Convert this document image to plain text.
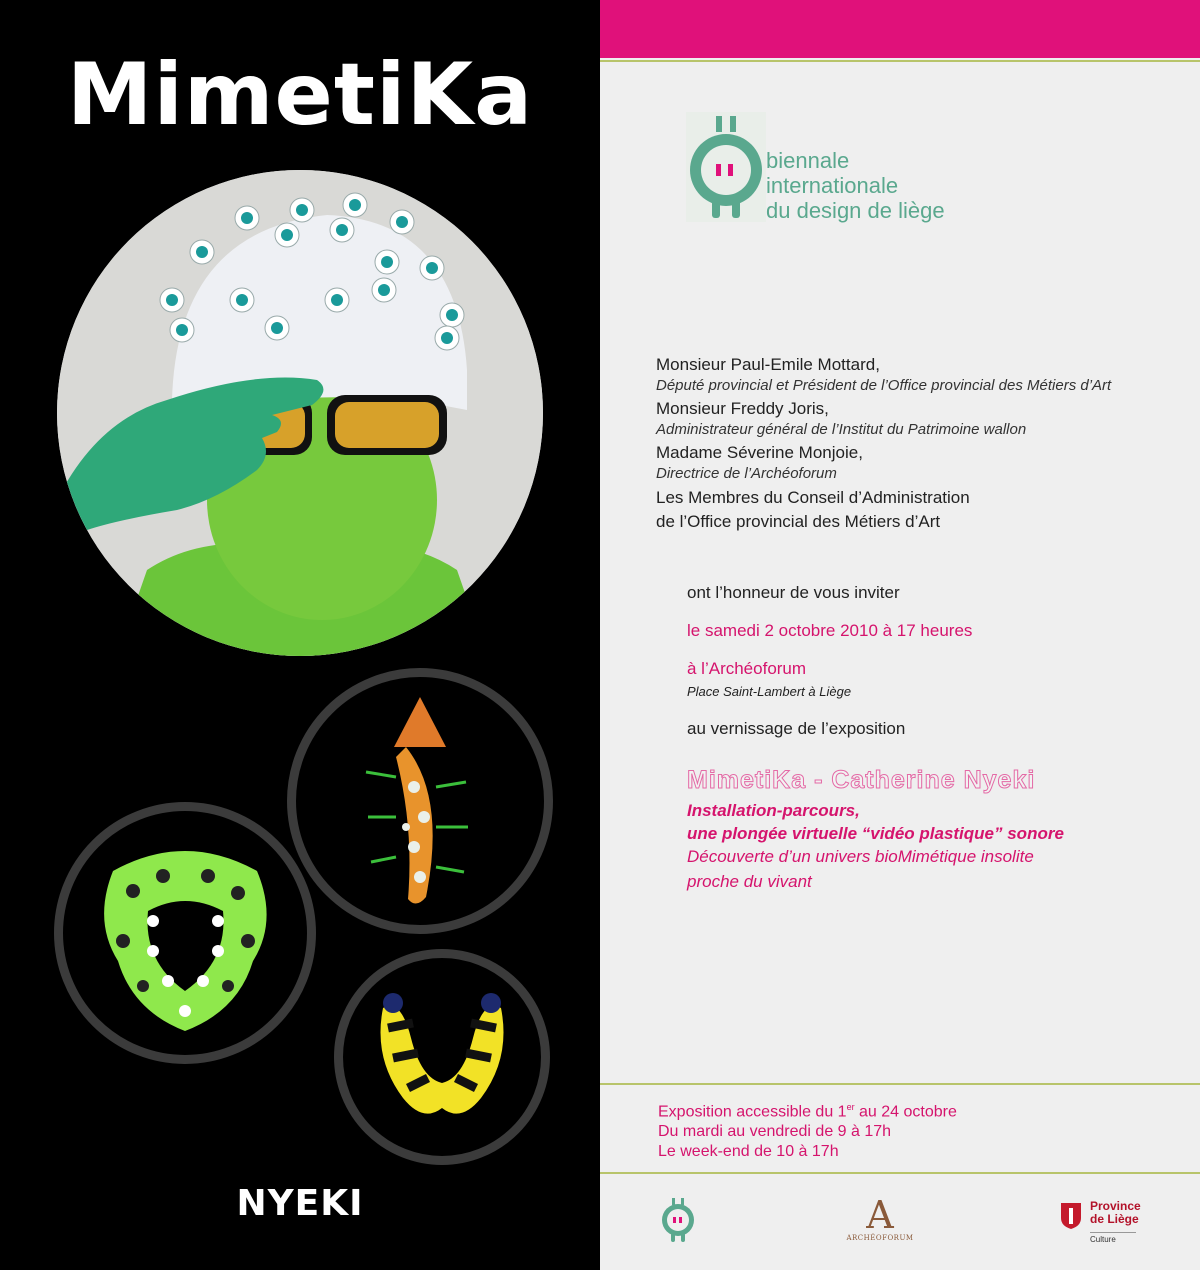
MimetiKa
NYEKI
biennale
internationale
du design de liège
Monsieur Paul-Emile Mottard,
Député provincial et Président de l’Office provincial des Métiers d’Art
Monsieur Freddy Joris,
Administrateur général de l’Institut du Patrimoine wallon
Madame Séverine Monjoie,
Directrice de l’Archéoforum
Les Membres du Conseil d’Administration
de l’Office provincial des Métiers d’Art
ont l’honneur de vous inviter
le samedi 2 octobre 2010 à 17 heures
à l’Archéoforum
Place Saint-Lambert à Liège
au vernissage de l’exposition
MimetiKa - Catherine Nyeki
Installation-parcours,
une plongée virtuelle “vidéo plastique” sonore
Découverte d’un univers bioMimétique insolite
proche du vivant
Exposition accessible du 1er au 24 octobre
Du mardi au vendredi de 9 à 17h
Le week-end de 10 à 17h
A
ARCHÉOFORUM
Province
de Liège
Culture
